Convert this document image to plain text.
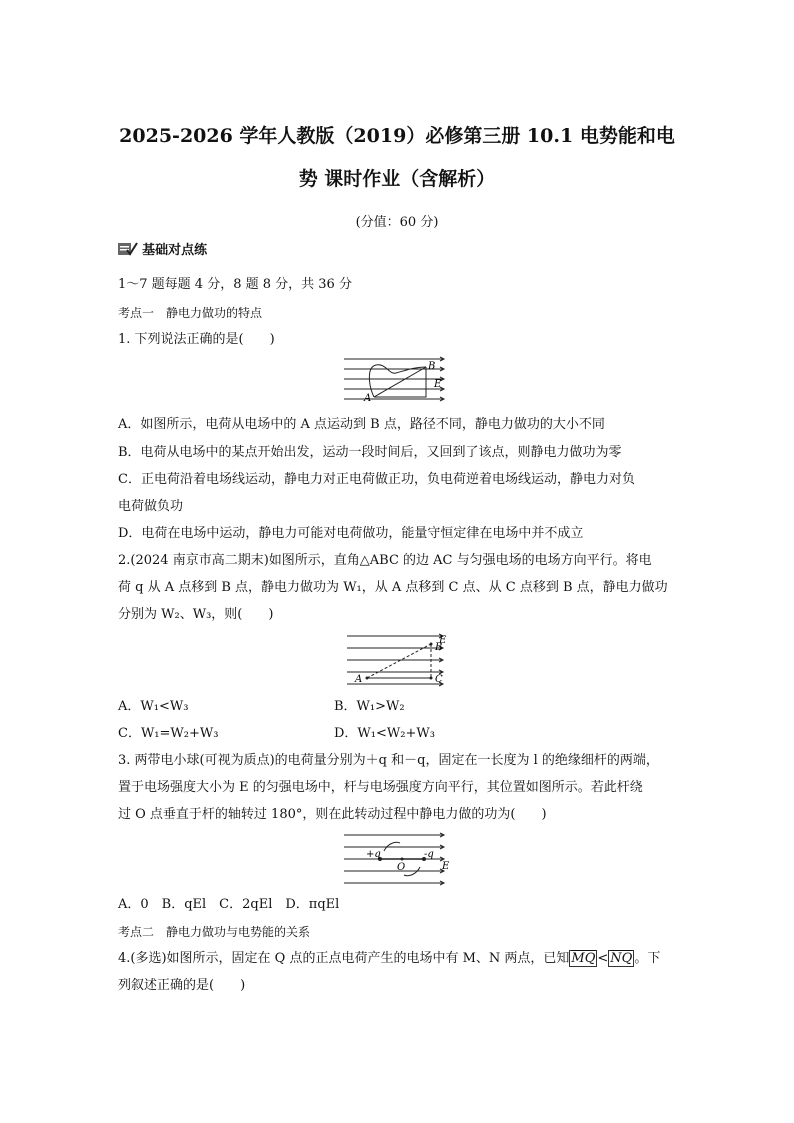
2025-2026 学年人教版（2019）必修第三册 10.1 电势能和电
势 课时作业（含解析）
(分值：60 分)
基础对点练
1～7 题每题 4 分，8 题 8 分，共 36 分
考点一　静电力做功的特点
1. 下列说法正确的是(　　)
A
B
E
A．如图所示，电荷从电场中的 A 点运动到 B 点，路径不同，静电力做功的大小不同
B．电荷从电场中的某点开始出发，运动一段时间后，又回到了该点，则静电力做功为零
C．正电荷沿着电场线运动，静电力对正电荷做正功，负电荷逆着电场线运动，静电力对负
电荷做负功
D．电荷在电场中运动，静电力可能对电荷做功，能量守恒定律在电场中并不成立
2.(2024 南京市高二期末)如图所示，直角△ABC 的边 AC 与匀强电场的电场方向平行。将电
荷 q 从 A 点移到 B 点，静电力做功为 W₁，从 A 点移到 C 点、从 C 点移到 B 点，静电力做功
分别为 W₂、W₃，则(　　)
A
B
C
E
A．W₁<W₃	B．W₁>W₂
C．W₁=W₂+W₃	D．W₁<W₂+W₃
3. 两带电小球(可视为质点)的电荷量分别为＋q 和－q，固定在一长度为 l 的绝缘细杆的两端，
置于电场强度大小为 E 的匀强电场中，杆与电场强度方向平行，其位置如图所示。若此杆绕
过 O 点垂直于杆的轴转过 180°，则在此转动过程中静电力做的功为(　　)
+q	-q
O	E
A．0　B．qEl　C．2qEl　D．πqEl
考点二　静电力做功与电势能的关系
4.(多选)如图所示，固定在 Q 点的正点电荷产生的电场中有 M、N 两点，已知 $\overline{MQ} < \overline{NQ}$ 。下
列叙述正确的是(　　)
